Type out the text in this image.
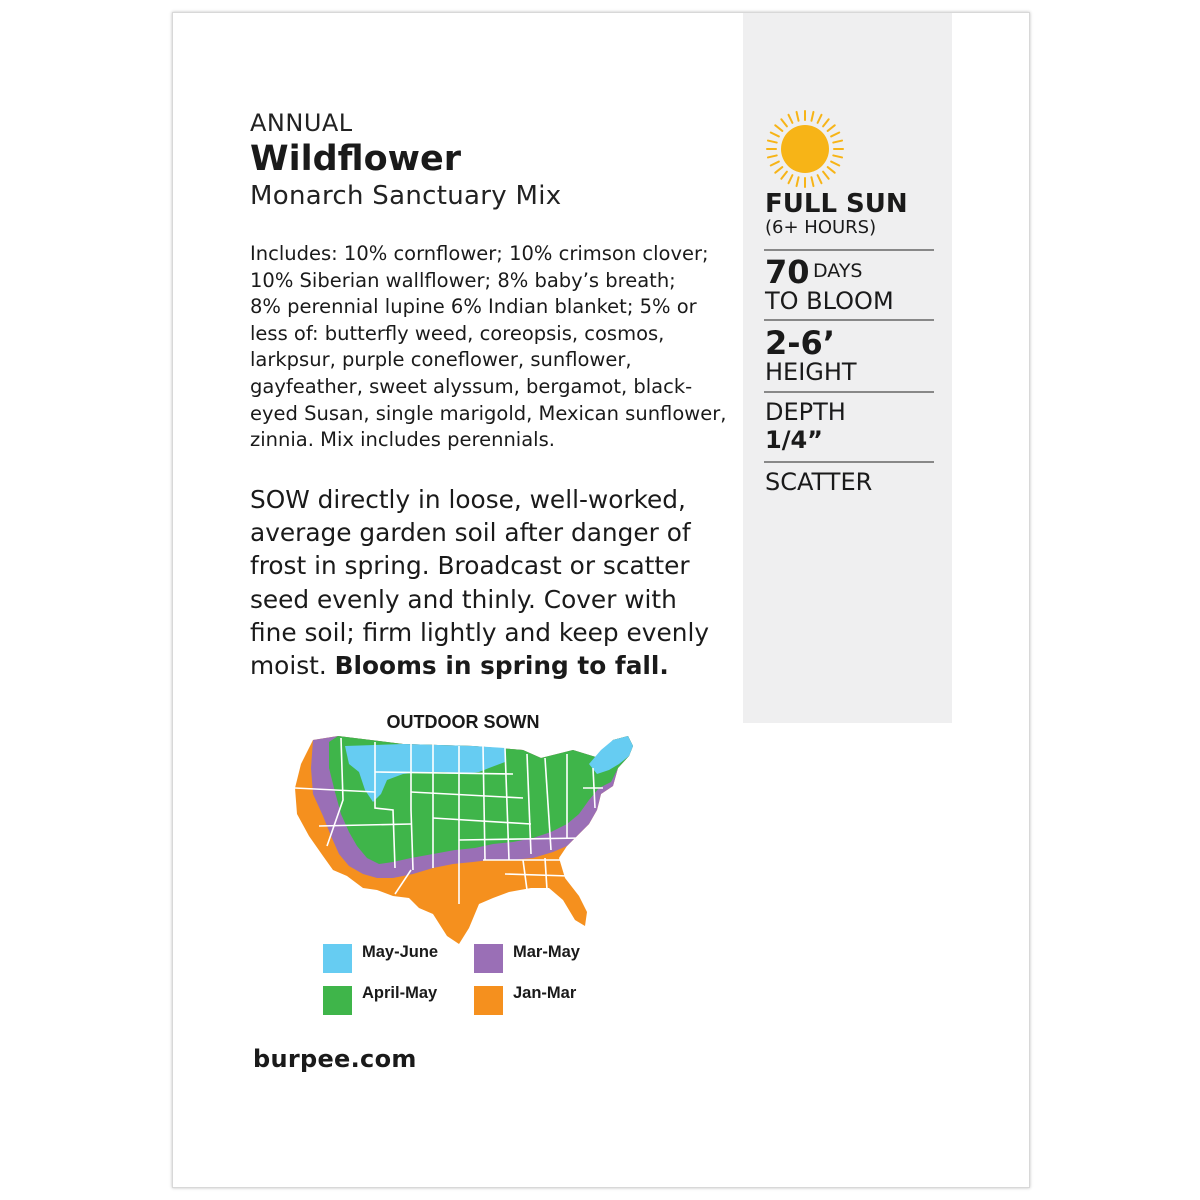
ANNUAL
Wildflower
Monarch Sanctuary Mix
Includes: 10% cornflower; 10% crimson clover;
10% Siberian wallflower; 8% baby’s breath;
8% perennial lupine 6% Indian blanket; 5% or
less of: butterfly weed, coreopsis, cosmos,
larkpsur, purple coneflower, sunflower,
gayfeather, sweet alyssum, bergamot, black-
eyed Susan, single marigold, Mexican sunflower,
zinnia. Mix includes perennials.
SOW directly in loose, well-worked,
average garden soil after danger of
frost in spring. Broadcast or scatter
seed evenly and thinly. Cover with
fine soil; firm lightly and keep evenly
moist. Blooms in spring to fall.
FULL SUN
(6+ HOURS)
70 DAYS
TO BLOOM
2-6’
HEIGHT
DEPTH
1/4”
SCATTER
OUTDOOR SOWN
May-June	Mar-May
April-May	Jan-Mar
burpee.com
